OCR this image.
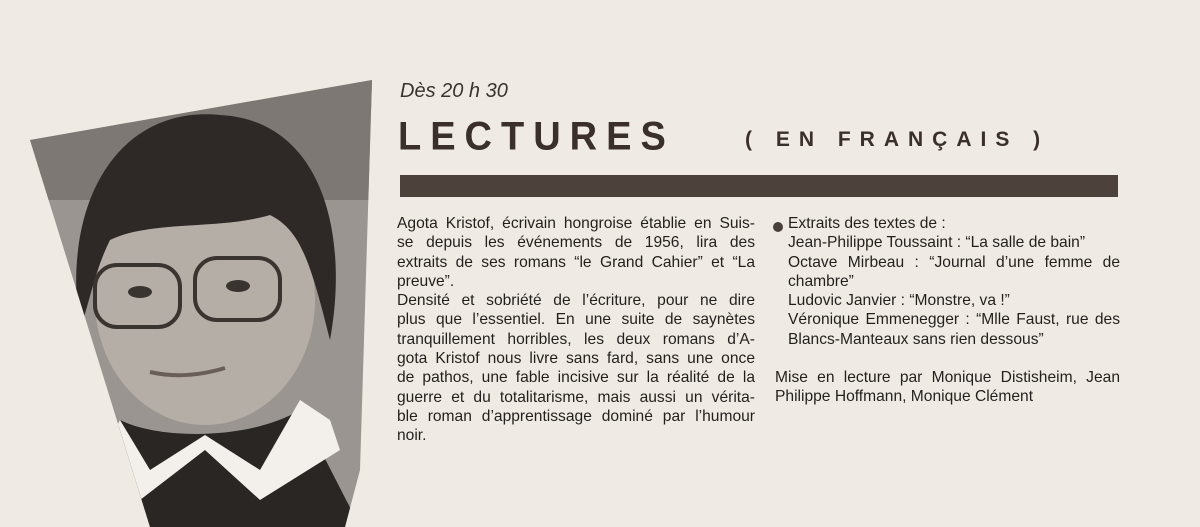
Dès 20 h 30
LECTURES	( EN FRANÇAIS )
Agota Kristof, écrivain hongroise établie en Suis-
se depuis les événements de 1956, lira des
extraits de ses romans “le Grand Cahier” et “La
preuve”.
Densité et sobriété de l’écriture, pour ne dire
plus que l’essentiel. En une suite de saynètes
tranquillement horribles, les deux romans d’A-
gota Kristof nous livre sans fard, sans une once
de pathos, une fable incisive sur la réalité de la
guerre et du totalitarisme, mais aussi un vérita-
ble roman d’apprentissage dominé par l’humour
noir.
Extraits des textes de :
Jean-Philippe Toussaint : “La salle de bain”
Octave Mirbeau : “Journal d’une femme de
chambre”
Ludovic Janvier : “Monstre, va !”
Véronique Emmenegger : “Mlle Faust, rue des
Blancs-Manteaux sans rien dessous”
Mise en lecture par Monique Distisheim, Jean
Philippe Hoffmann, Monique Clément
